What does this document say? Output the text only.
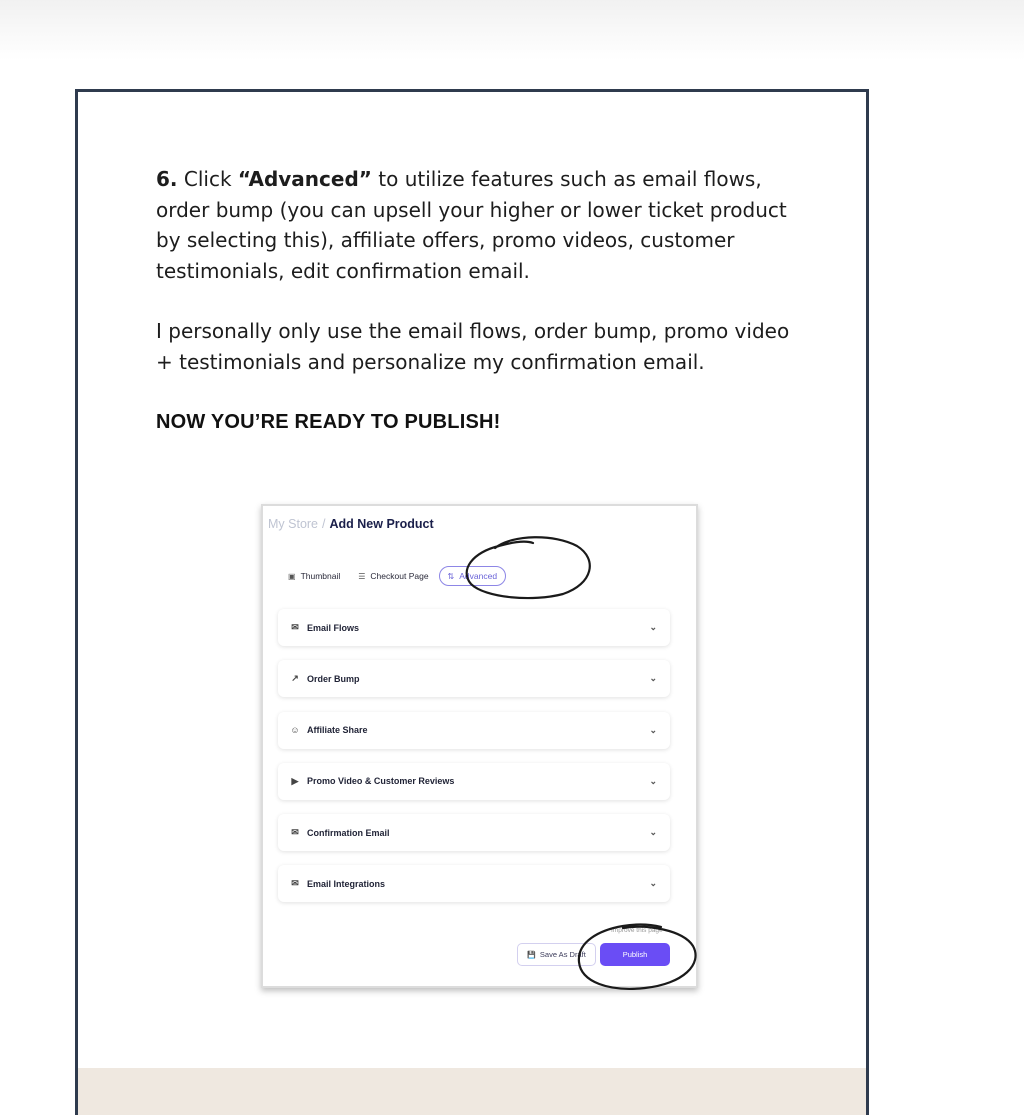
6. Click “Advanced” to utilize features such as email flows, order bump (you can upsell your higher or lower ticket product by selecting this), affiliate offers, promo videos, customer testimonials, edit confirmation email.

I personally only use the email flows, order bump, promo video + testimonials and personalize my confirmation email.

NOW YOU’RE READY TO PUBLISH!
My Store / Add New Product
▣ Thumbnail ☰ Checkout Page ⇅ Advanced
✉ Email Flows	⌄
↗ Order Bump	⌄
☺ Affiliate Share	⌄
▶ Promo Video & Customer Reviews	⌄
✉ Confirmation Email	⌄
✉ Email Integrations	⌄
Improve this page
💾 Save As Draft	Publish
